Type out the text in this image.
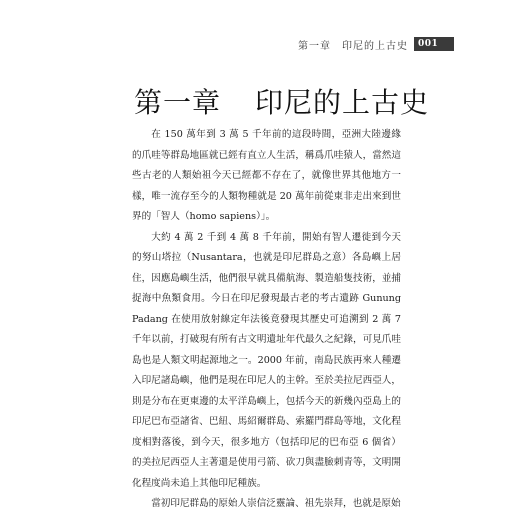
第一章　印尼的上古史	001
第一章 印尼的上古史

在 150 萬年到 3 萬 5 千年前的這段時間，亞洲大陸邊緣的爪哇等群島地區就已經有直立人生活，稱爲爪哇猿人，當然這些古老的人類始祖今天已經都不存在了，就像世界其他地方一樣，唯一流存至今的人類物種就是 20 萬年前從東非走出來到世界的「智人（homo sapiens）」。

大約 4 萬 2 千到 4 萬 8 千年前，開始有智人遷徙到今天的努山塔拉（Nusantara，也就是印尼群島之意）各島嶼上居住，因應島嶼生活，他們很早就具備航海、製造船隻技術，並捕捉海中魚類食用。今日在印尼發現最古老的考古遺跡 Gunung Padang 在使用放射線定年法後竟發現其歷史可追溯到 2 萬 7 千年以前，打破現有所有古文明遺址年代最久之紀錄，可見爪哇島也是人類文明起源地之一。2000 年前，南島民族再來人種遷入印尼諸島嶼，他們是現在印尼人的主幹。至於美拉尼西亞人，則是分布在更東邊的太平洋島嶼上，包括今天的新幾內亞島上的印尼巴布亞諸省、巴紐、馬紹爾群島、索羅門群島等地，文化程度相對落後，到今天，很多地方（包括印尼的巴布亞 6 個省）的美拉尼西亞人主著還是使用弓箭、砍刀與盡臉刺青等，文明開化程度尚未追上其他印尼種族。

當初印尼群島的原始人崇信泛靈論、祖先崇拜，也就是原始
